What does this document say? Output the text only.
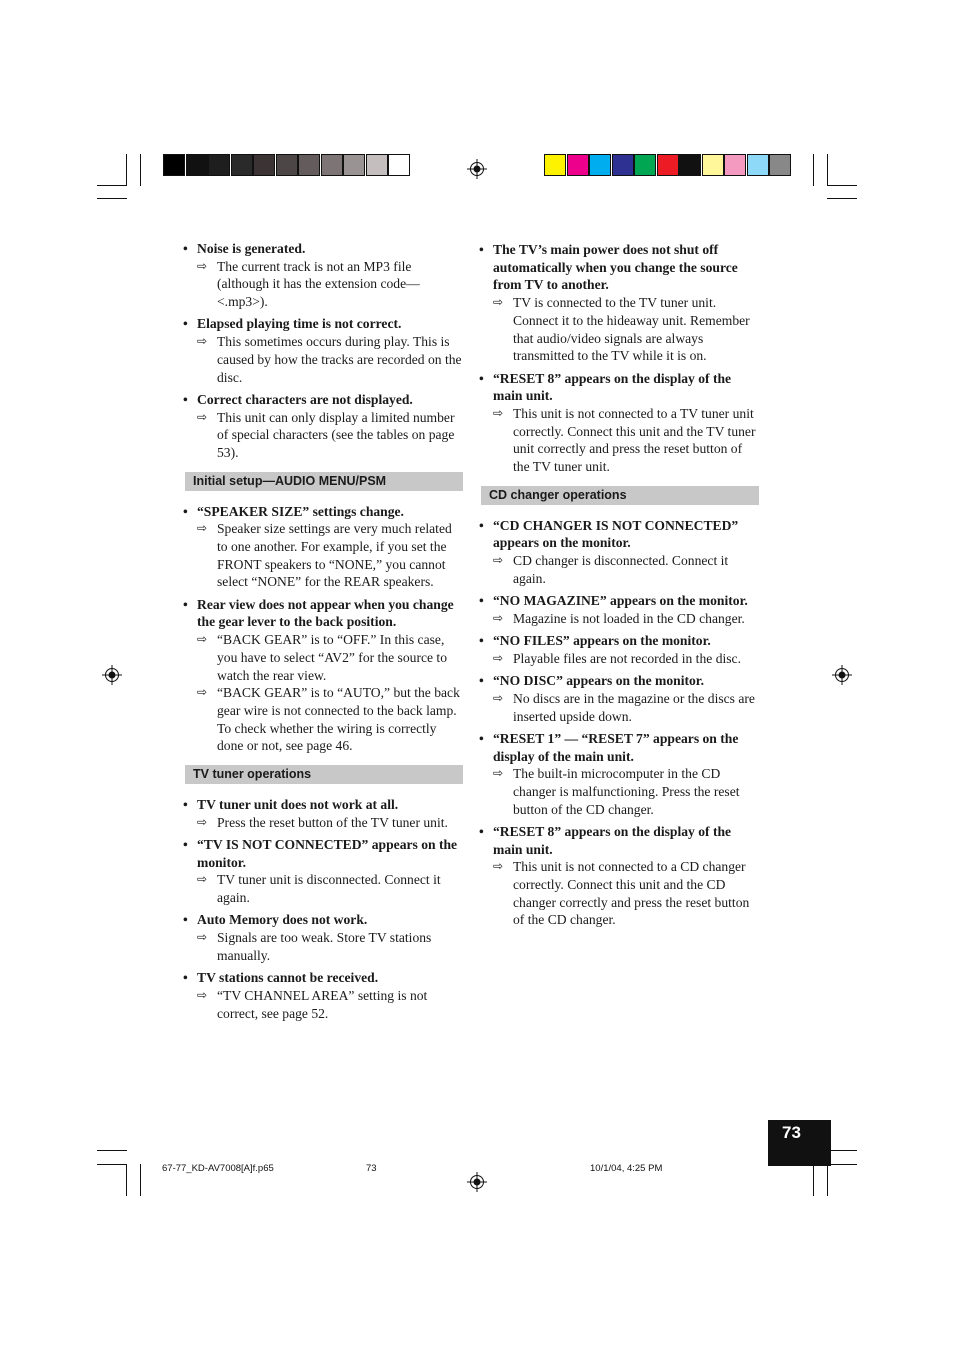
• Noise is generated.
⇨ The current track is not an MP3 file (although it has the extension code—<.mp3>).
• Elapsed playing time is not correct.
⇨ This sometimes occurs during play. This is caused by how the tracks are recorded on the disc.
• Correct characters are not displayed.
⇨ This unit can only display a limited number of special characters (see the tables on page 53).
Initial setup—AUDIO MENU/PSM
• “SPEAKER SIZE” settings change.
⇨ Speaker size settings are very much related to one another. For example, if you set the FRONT speakers to “NONE,” you cannot select “NONE” for the REAR speakers.
• Rear view does not appear when you change the gear lever to the back position.
⇨ “BACK GEAR” is to “OFF.” In this case, you have to select “AV2” for the source to watch the rear view.
⇨ “BACK GEAR” is to “AUTO,” but the back gear wire is not connected to the back lamp. To check whether the wiring is correctly done or not, see page 46.
TV tuner operations
• TV tuner unit does not work at all.
⇨ Press the reset button of the TV tuner unit.
• “TV IS NOT CONNECTED” appears on the monitor.
⇨ TV tuner unit is disconnected. Connect it again.
• Auto Memory does not work.
⇨ Signals are too weak. Store TV stations manually.
• TV stations cannot be received.
⇨ “TV CHANNEL AREA” setting is not correct, see page 52.
• The TV’s main power does not shut off automatically when you change the source from TV to another.
⇨ TV is connected to the TV tuner unit. Connect it to the hideaway unit. Remember that audio/video signals are always transmitted to the TV while it is on.
• “RESET 8” appears on the display of the main unit.
⇨ This unit is not connected to a TV tuner unit correctly. Connect this unit and the TV tuner unit correctly and press the reset button of the TV tuner unit.
CD changer operations
• “CD CHANGER IS NOT CONNECTED” appears on the monitor.
⇨ CD changer is disconnected. Connect it again.
• “NO MAGAZINE” appears on the monitor.
⇨ Magazine is not loaded in the CD changer.
• “NO FILES” appears on the monitor.
⇨ Playable files are not recorded in the disc.
• “NO DISC” appears on the monitor.
⇨ No discs are in the magazine or the discs are inserted upside down.
• “RESET 1” — “RESET 7” appears on the display of the main unit.
⇨ The built-in microcomputer in the CD changer is malfunctioning. Press the reset button of the CD changer.
• “RESET 8” appears on the display of the main unit.
⇨ This unit is not connected to a CD changer correctly. Connect this unit and the CD changer correctly and press the reset button of the CD changer.
73
67-77_KD-AV7008[A]f.p65	73	10/1/04, 4:25 PM
